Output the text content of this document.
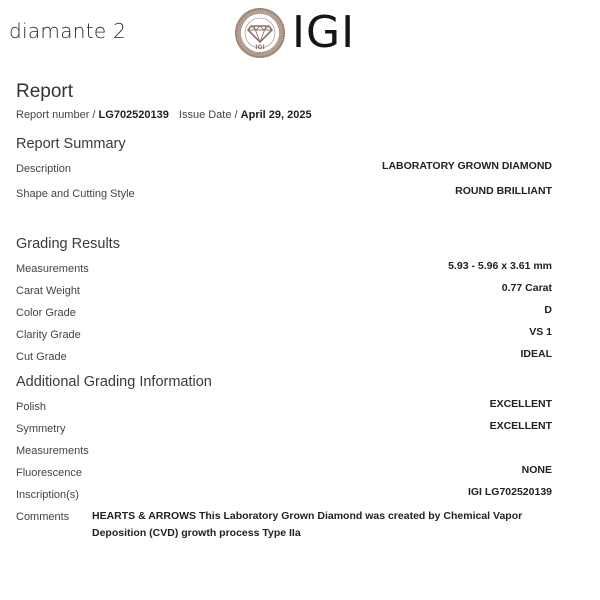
diamante 2
IGI
1975 IGI
Report
Report number / LG702520139 Issue Date / April 29, 2025
Report Summary
Description	LABORATORY GROWN DIAMOND
Shape and Cutting Style	ROUND BRILLIANT
Grading Results
Measurements	5.93 - 5.96 x 3.61 mm
Carat Weight	0.77 Carat
Color Grade	D
Clarity Grade	VS 1
Cut Grade	IDEAL
Additional Grading Information
Polish	EXCELLENT
Symmetry	EXCELLENT
Measurements
Fluorescence	NONE
Inscription(s)	IGI LG702520139
Comments HEARTS & ARROWS This Laboratory Grown Diamond was created by Chemical Vapor Deposition (CVD) growth process Type IIa
